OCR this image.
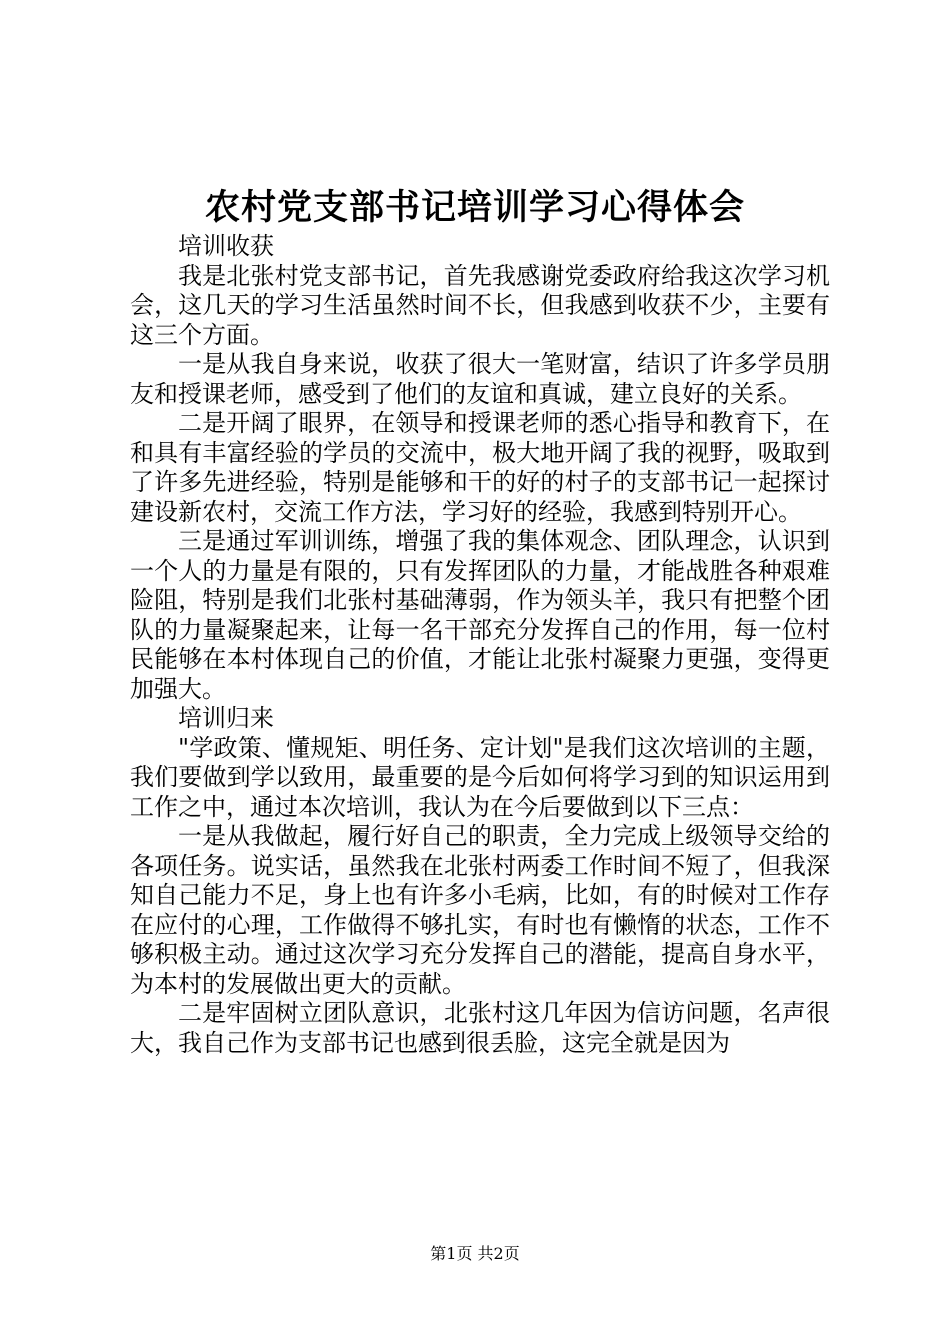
农村党支部书记培训学习心得体会

培训收获

我是北张村党支部书记，首先我感谢党委政府给我这次学习机会，这几天的学习生活虽然时间不长，但我感到收获不少，主要有这三个方面。

一是从我自身来说，收获了很大一笔财富，结识了许多学员朋友和授课老师，感受到了他们的友谊和真诚，建立良好的关系。

二是开阔了眼界，在领导和授课老师的悉心指导和教育下，在和具有丰富经验的学员的交流中，极大地开阔了我的视野，吸取到了许多先进经验，特别是能够和干的好的村子的支部书记一起探讨建设新农村，交流工作方法，学习好的经验，我感到特别开心。

三是通过军训训练，增强了我的集体观念、团队理念，认识到一个人的力量是有限的，只有发挥团队的力量，才能战胜各种艰难险阻，特别是我们北张村基础薄弱，作为领头羊，我只有把整个团队的力量凝聚起来，让每一名干部充分发挥自己的作用，每一位村民能够在本村体现自己的价值，才能让北张村凝聚力更强，变得更加强大。

培训归来

"学政策、懂规矩、明任务、定计划"是我们这次培训的主题，我们要做到学以致用，最重要的是今后如何将学习到的知识运用到工作之中，通过本次培训，我认为在今后要做到以下三点：

一是从我做起，履行好自己的职责，全力完成上级领导交给的各项任务。说实话，虽然我在北张村两委工作时间不短了，但我深知自己能力不足，身上也有许多小毛病，比如，有的时候对工作存在应付的心理，工作做得不够扎实，有时也有懒惰的状态，工作不够积极主动。通过这次学习充分发挥自己的潜能，提高自身水平，为本村的发展做出更大的贡献。

二是牢固树立团队意识，北张村这几年因为信访问题，名声很大，我自己作为支部书记也感到很丢脸，这完全就是因为

第1页 共2页
